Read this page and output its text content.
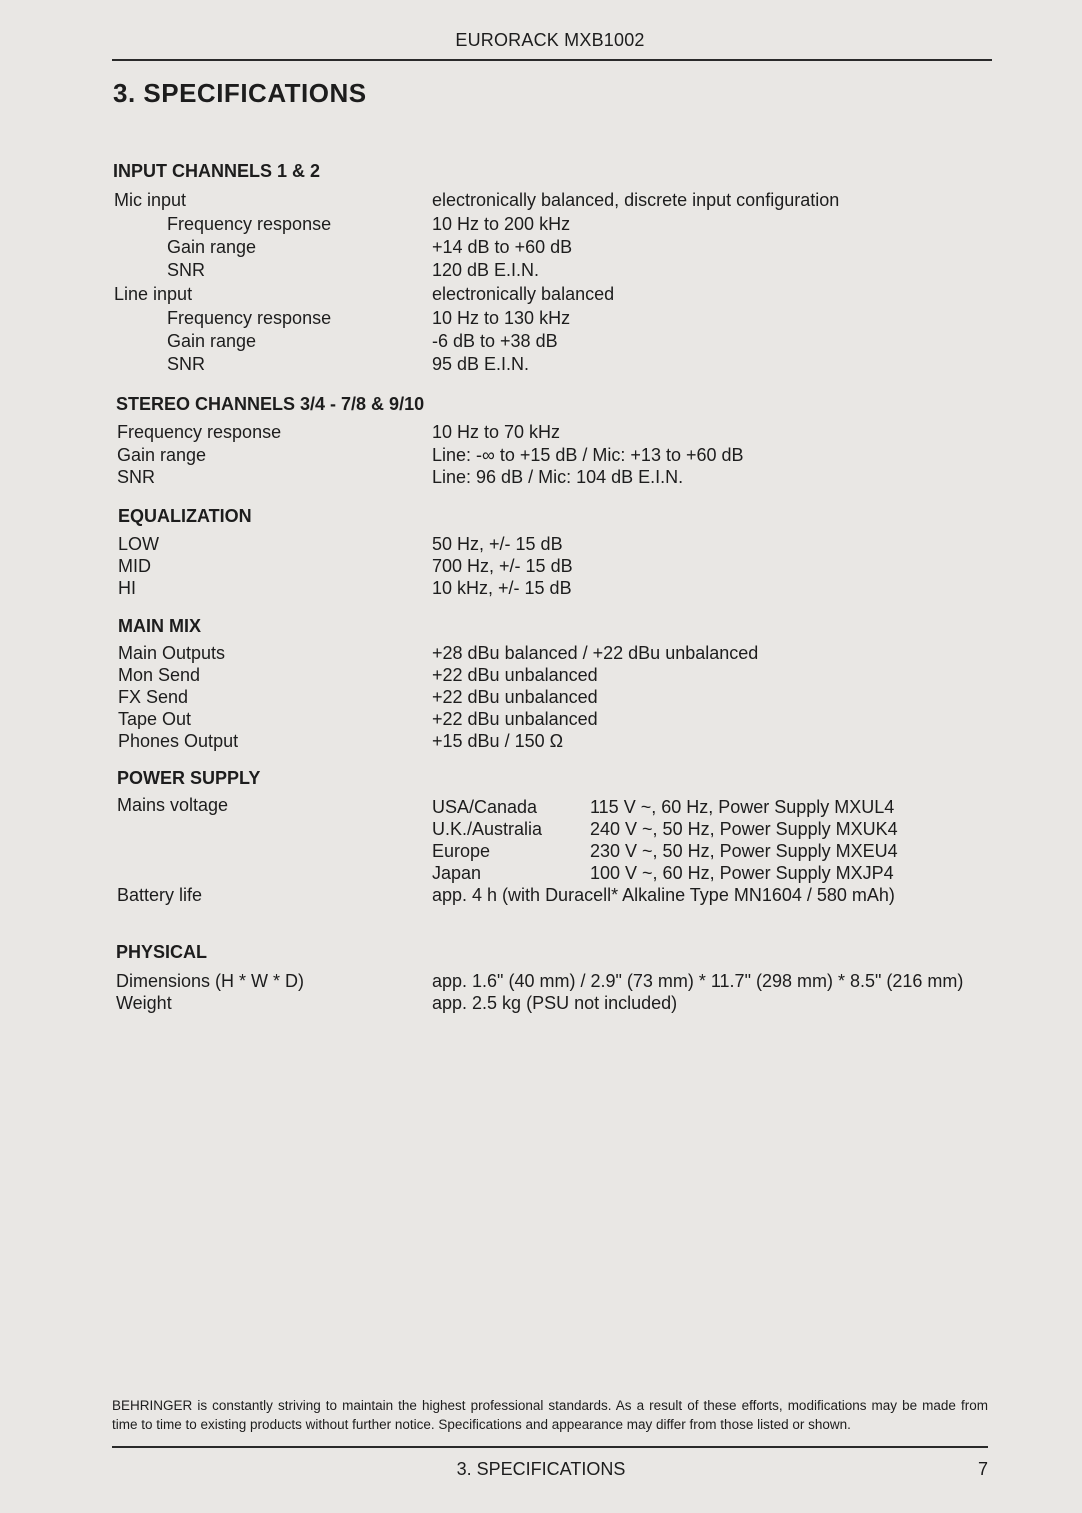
EURORACK MXB1002
3. SPECIFICATIONS
INPUT CHANNELS 1 & 2
Mic input	electronically balanced, discrete input configuration
Frequency response	10 Hz to 200 kHz
Gain range	+14 dB to +60 dB
SNR	120 dB E.I.N.
Line input	electronically balanced
Frequency response	10 Hz to 130 kHz
Gain range	-6 dB to +38 dB
SNR	95 dB E.I.N.
STEREO CHANNELS 3/4 - 7/8 & 9/10
Frequency response	10 Hz to 70 kHz
Gain range	Line: -∞ to +15 dB / Mic: +13 to +60 dB
SNR	Line: 96 dB / Mic: 104 dB E.I.N.
EQUALIZATION
LOW	50 Hz, +/- 15 dB
MID	700 Hz, +/- 15 dB
HI	10 kHz, +/- 15 dB
MAIN MIX
Main Outputs	+28 dBu balanced / +22 dBu unbalanced
Mon Send	+22 dBu unbalanced
FX Send	+22 dBu unbalanced
Tape Out	+22 dBu unbalanced
Phones Output	+15 dBu / 150 Ω
POWER SUPPLY
Mains voltage	USA/Canada	115 V ~, 60 Hz, Power Supply MXUL4
U.K./Australia	240 V ~, 50 Hz, Power Supply MXUK4
Europe	230 V ~, 50 Hz, Power Supply MXEU4
Japan	100 V ~, 60 Hz, Power Supply MXJP4
Battery life	app. 4 h (with Duracell* Alkaline Type MN1604 / 580 mAh)
PHYSICAL
Dimensions (H * W * D)	app. 1.6" (40 mm) / 2.9" (73 mm) * 11.7" (298 mm) * 8.5" (216 mm)
Weight	app. 2.5 kg (PSU not included)
BEHRINGER is constantly striving to maintain the highest professional standards. As a result of these efforts, modifications may be made from time to time to existing products without further notice. Specifications and appearance may differ from those listed or shown.
3. SPECIFICATIONS	7
